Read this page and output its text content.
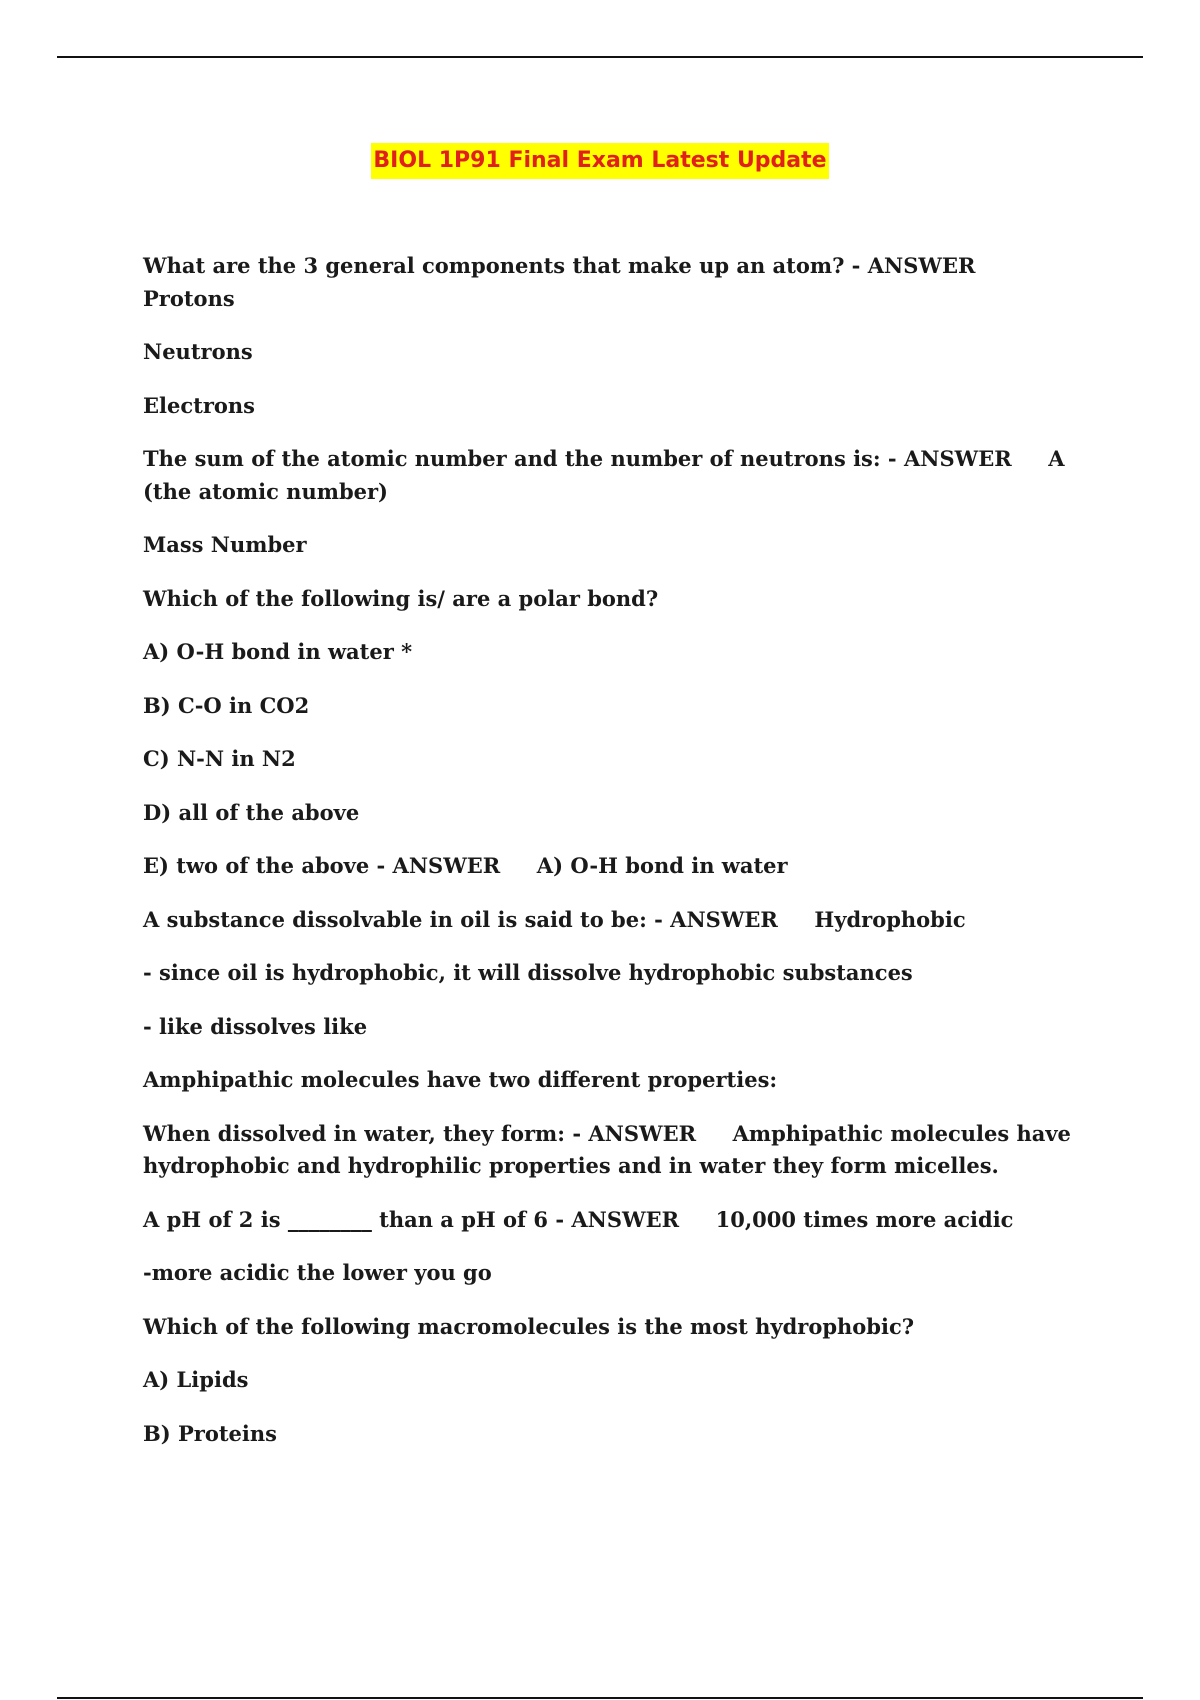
BIOL 1P91 Final Exam Latest Update

What are the 3 general components that make up an atom? - ANSWER     Protons

Neutrons

Electrons

The sum of the atomic number and the number of neutrons is: - ANSWER     A (the atomic number)

Mass Number

Which of the following is/ are a polar bond?

A) O-H bond in water *

B) C-O in CO2

C) N-N in N2

D) all of the above

E) two of the above - ANSWER     A) O-H bond in water

A substance dissolvable in oil is said to be: - ANSWER     Hydrophobic

- since oil is hydrophobic, it will dissolve hydrophobic substances

- like dissolves like

Amphipathic molecules have two different properties:

When dissolved in water, they form: - ANSWER     Amphipathic molecules have hydrophobic and hydrophilic properties and in water they form micelles.

A pH of 2 is ________ than a pH of 6 - ANSWER     10,000 times more acidic

-more acidic the lower you go

Which of the following macromolecules is the most hydrophobic?

A) Lipids

B) Proteins
